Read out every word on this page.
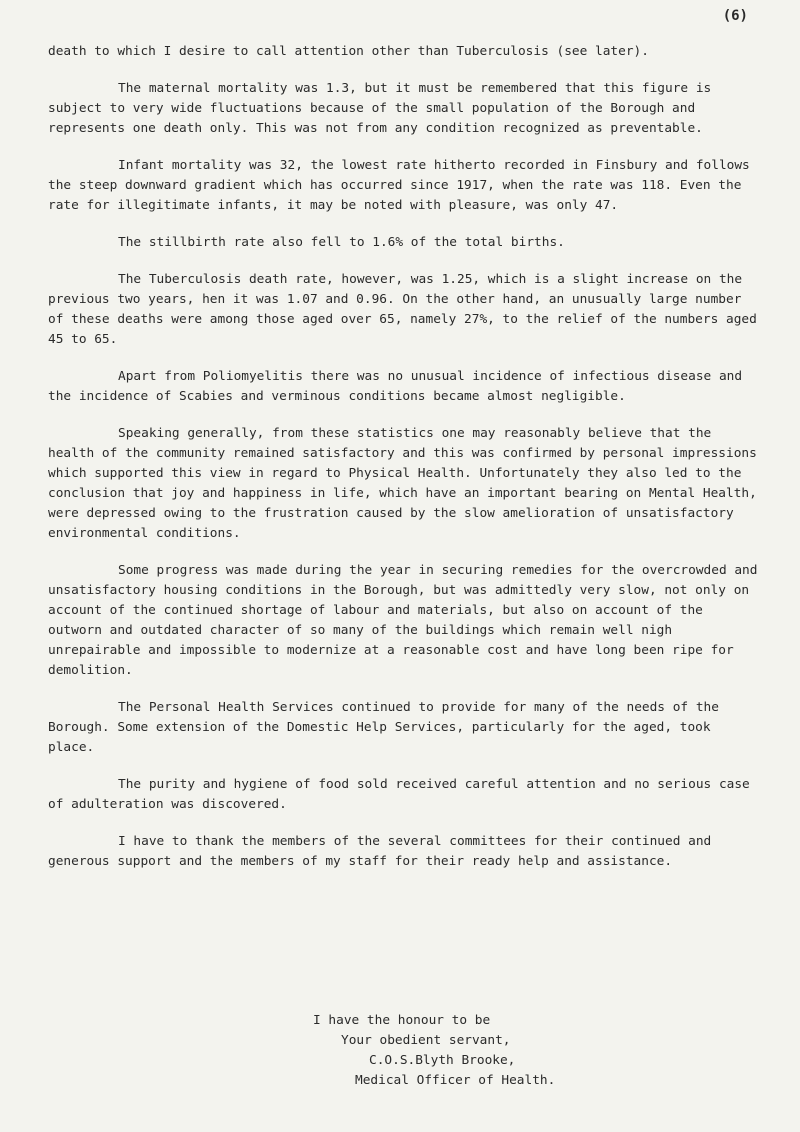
(6)

death to which I desire to call attention other than Tuberculosis (see later).

The maternal mortality was 1.3, but it must be remembered that this figure is subject to very wide fluctuations because of the small population of the Borough and represents one death only. This was not from any condition recognized as preventable.

Infant mortality was 32, the lowest rate hitherto recorded in Finsbury and follows the steep downward gradient which has occurred since 1917, when the rate was 118. Even the rate for illegitimate infants, it may be noted with pleasure, was only 47.

The stillbirth rate also fell to 1.6% of the total births.

The Tuberculosis death rate, however, was 1.25, which is a slight increase on the previous two years, hen it was 1.07 and 0.96. On the other hand, an unusually large number of these deaths were among those aged over 65, namely 27%, to the relief of the numbers aged 45 to 65.

Apart from Poliomyelitis there was no unusual incidence of infectious disease and the incidence of Scabies and verminous conditions became almost negligible.

Speaking generally, from these statistics one may reasonably believe that the health of the community remained satisfactory and this was confirmed by personal impressions which supported this view in regard to Physical Health. Unfortunately they also led to the conclusion that joy and happiness in life, which have an important bearing on Mental Health, were depressed owing to the frustration caused by the slow amelioration of unsatisfactory environmental conditions.

Some progress was made during the year in securing remedies for the overcrowded and unsatisfactory housing conditions in the Borough, but was admittedly very slow, not only on account of the continued shortage of labour and materials, but also on account of the outworn and outdated character of so many of the buildings which remain well nigh unrepairable and impossible to modernize at a reasonable cost and have long been ripe for demolition.

The Personal Health Services continued to provide for many of the needs of the Borough. Some extension of the Domestic Help Services, particularly for the aged, took place.

The purity and hygiene of food sold received careful attention and no serious case of adulteration was discovered.

I have to thank the members of the several committees for their continued and generous support and the members of my staff for their ready help and assistance.

I have the honour to be
Your obedient servant,
C.O.S.Blyth Brooke,
Medical Officer of Health.
